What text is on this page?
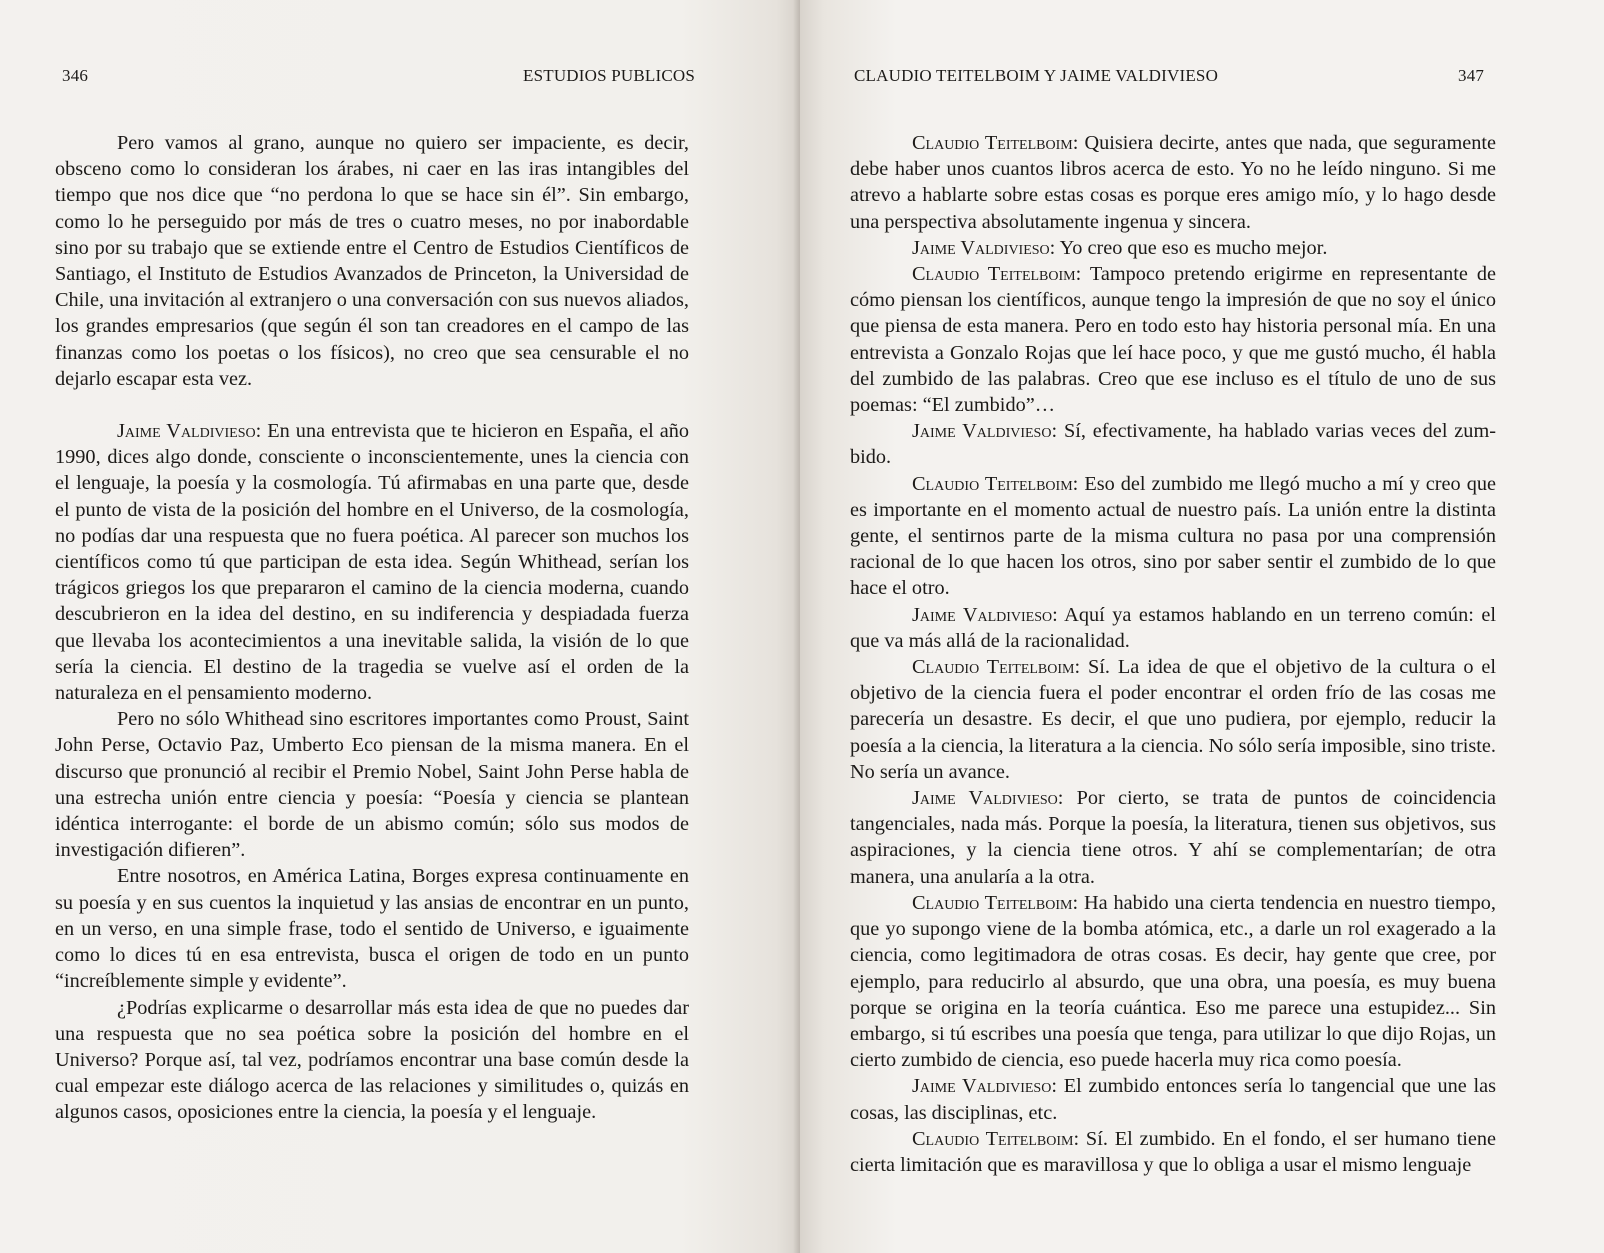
346	ESTUDIOS PUBLICOS

Pero vamos al grano, aunque no quiero ser impaciente, es decir, obsceno como lo consideran los árabes, ni caer en las iras intangibles del tiempo que nos dice que “no perdona lo que se hace sin él”. Sin embargo, como lo he perseguido por más de tres o cuatro meses, no por inabordable sino por su trabajo que se extiende entre el Centro de Estudios Científicos de Santiago, el Instituto de Estudios Avanzados de Princeton, la Universidad de Chile, una invitación al extranjero o una conversación con sus nuevos aliados, los grandes empresarios (que según él son tan creadores en el campo de las finanzas como los poetas o los físicos), no creo que sea censurable el no dejarlo escapar esta vez.

Jaime Valdivieso: En una entrevista que te hicieron en España, el año 1990, dices algo donde, consciente o inconscientemente, unes la ciencia con el lenguaje, la poesía y la cosmología. Tú afirmabas en una parte que, desde el punto de vista de la posición del hombre en el Universo, de la cosmología, no podías dar una respuesta que no fuera poética. Al parecer son muchos los científicos como tú que participan de esta idea. Según Whithead, serían los trágicos griegos los que prepararon el camino de la ciencia moderna, cuando descubrieron en la idea del destino, en su indiferencia y despiadada fuerza que llevaba los acontecimientos a una inevitable salida, la visión de lo que sería la ciencia. El destino de la tragedia se vuelve así el orden de la naturaleza en el pensamiento moderno.

Pero no sólo Whithead sino escritores importantes como Proust, Saint John Perse, Octavio Paz, Umberto Eco piensan de la misma manera. En el discurso que pronunció al recibir el Premio Nobel, Saint John Perse habla de una estrecha unión entre ciencia y poesía: “Poesía y ciencia se plantean idéntica interrogante: el borde de un abismo común; sólo sus modos de investigación difieren”.

Entre nosotros, en América Latina, Borges expresa continuamente en su poesía y en sus cuentos la inquietud y las ansias de encontrar en un punto, en un verso, en una simple frase, todo el sentido de Universo, e iguaimente como lo dices tú en esa entrevista, busca el origen de todo en un punto “increíblemente simple y evidente”.

¿Podrías explicarme o desarrollar más esta idea de que no puedes dar una respuesta que no sea poética sobre la posición del hombre en el Universo? Porque así, tal vez, podríamos encontrar una base común desde la cual empezar este diálogo acerca de las relaciones y similitudes o, quizás en algunos casos, oposiciones entre la ciencia, la poesía y el lenguaje.

CLAUDIO TEITELBOIM Y JAIME VALDIVIESO	347

Claudio Teitelboim: Quisiera decirte, antes que nada, que seguramente debe haber unos cuantos libros acerca de esto. Yo no he leído ninguno. Si me atrevo a hablarte sobre estas cosas es porque eres amigo mío, y lo hago desde una perspectiva absolutamente ingenua y sincera.

Jaime Valdivieso: Yo creo que eso es mucho mejor.

Claudio Teitelboim: Tampoco pretendo erigirme en representante de cómo piensan los científicos, aunque tengo la impresión de que no soy el único que piensa de esta manera. Pero en todo esto hay historia personal mía. En una entrevista a Gonzalo Rojas que leí hace poco, y que me gustó mucho, él habla del zumbido de las palabras. Creo que ese incluso es el título de uno de sus poemas: “El zumbido”…

Jaime Valdivieso: Sí, efectivamente, ha hablado varias veces del zumbido.

Claudio Teitelboim: Eso del zumbido me llegó mucho a mí y creo que es importante en el momento actual de nuestro país. La unión entre la distinta gente, el sentirnos parte de la misma cultura no pasa por una comprensión racional de lo que hacen los otros, sino por saber sentir el zumbido de lo que hace el otro.

Jaime Valdivieso: Aquí ya estamos hablando en un terreno común: el que va más allá de la racionalidad.

Claudio Teitelboim: Sí. La idea de que el objetivo de la cultura o el objetivo de la ciencia fuera el poder encontrar el orden frío de las cosas me parecería un desastre. Es decir, el que uno pudiera, por ejemplo, reducir la poesía a la ciencia, la literatura a la ciencia. No sólo sería imposible, sino triste. No sería un avance.

Jaime Valdivieso: Por cierto, se trata de puntos de coincidencia tangenciales, nada más. Porque la poesía, la literatura, tienen sus objetivos, sus aspiraciones, y la ciencia tiene otros. Y ahí se complementarían; de otra manera, una anularía a la otra.

Claudio Teitelboim: Ha habido una cierta tendencia en nuestro tiempo, que yo supongo viene de la bomba atómica, etc., a darle un rol exagerado a la ciencia, como legitimadora de otras cosas. Es decir, hay gente que cree, por ejemplo, para reducirlo al absurdo, que una obra, una poesía, es muy buena porque se origina en la teoría cuántica. Eso me parece una estupidez... Sin embargo, si tú escribes una poesía que tenga, para utilizar lo que dijo Rojas, un cierto zumbido de ciencia, eso puede hacerla muy rica como poesía.

Jaime Valdivieso: El zumbido entonces sería lo tangencial que une las cosas, las disciplinas, etc.

Claudio Teitelboim: Sí. El zumbido. En el fondo, el ser humano tiene cierta limitación que es maravillosa y que lo obliga a usar el mismo lenguaje
